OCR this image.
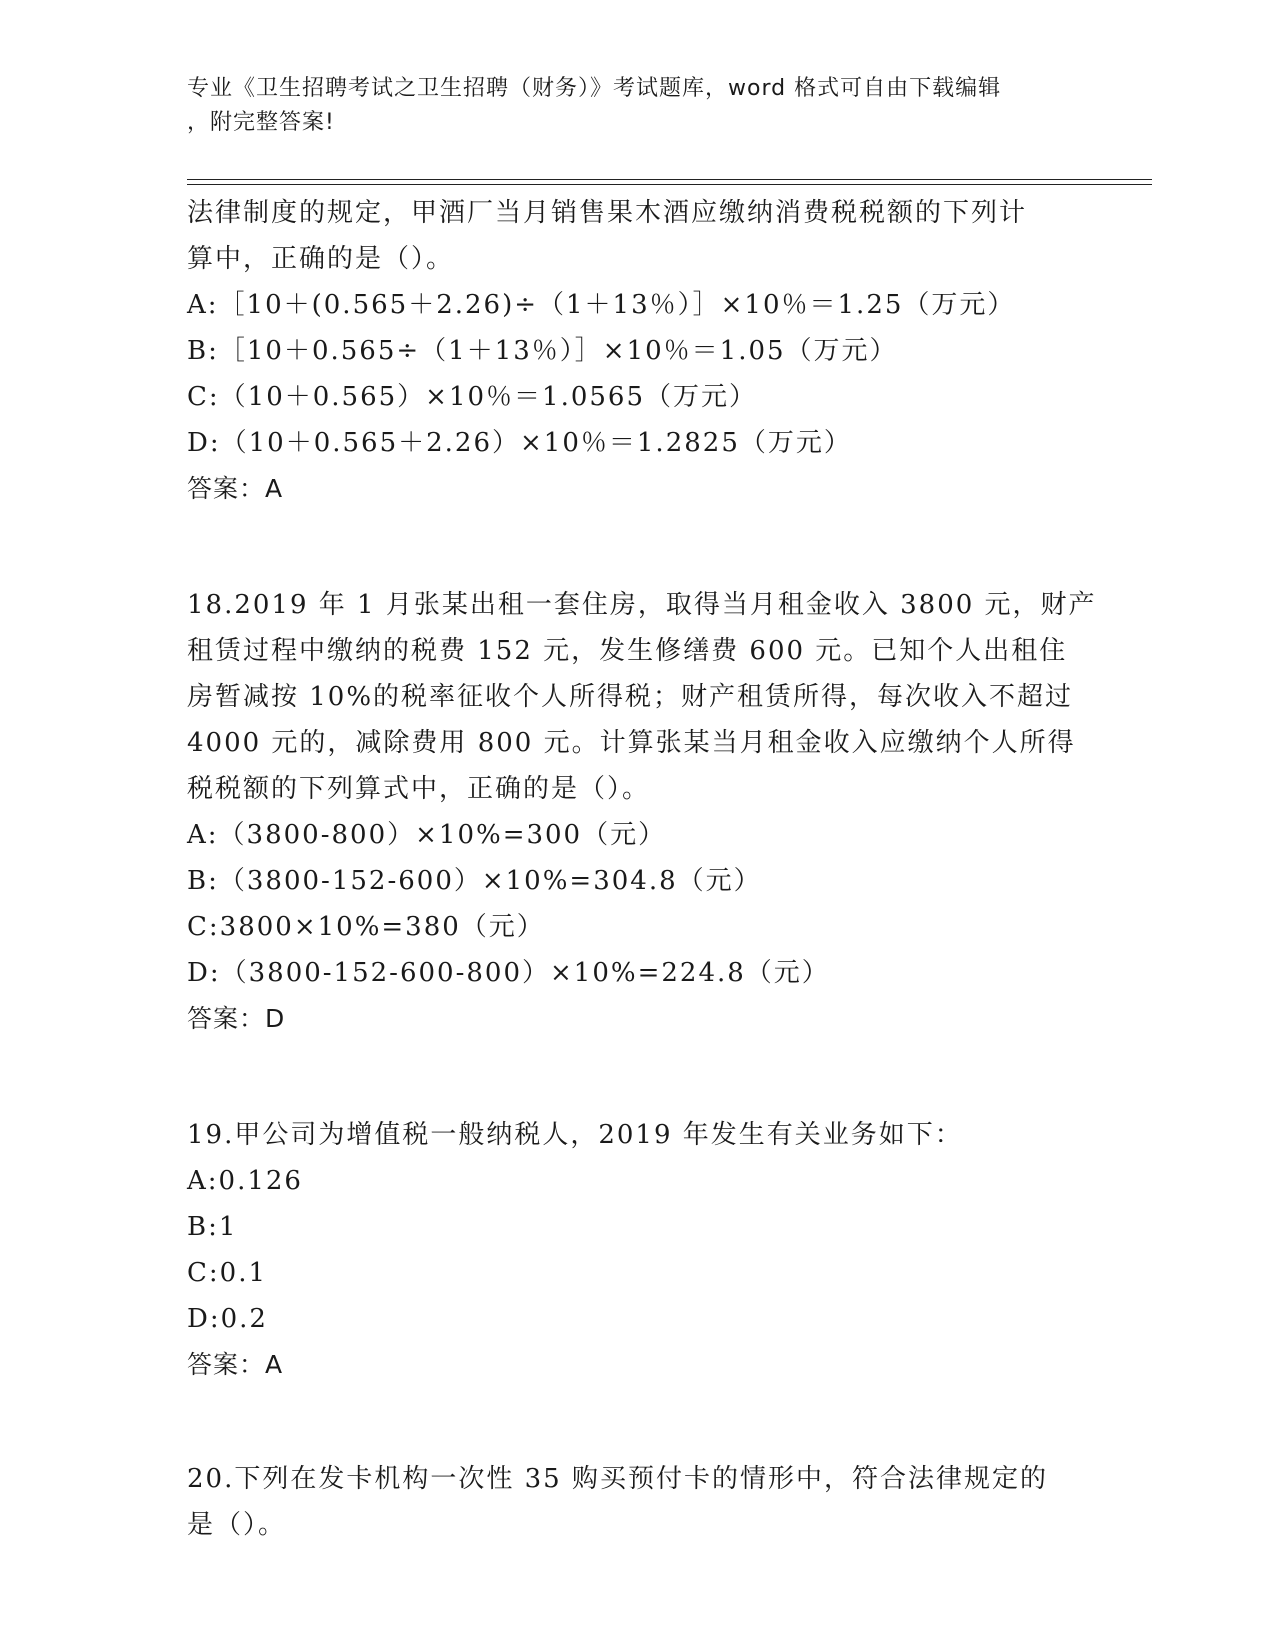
专业《卫生招聘考试之卫生招聘（财务）》考试题库，word 格式可自由下载编辑
，附完整答案!
法律制度的规定，甲酒厂当月销售果木酒应缴纳消费税税额的下列计
算中，正确的是（）。
A:［10＋(0.565＋2.26)÷（1＋13％）］×10％＝1.25（万元）
B:［10＋0.565÷（1＋13％）］×10％＝1.05（万元）
C:（10＋0.565）×10％＝1.0565（万元）
D:（10＋0.565＋2.26）×10％＝1.2825（万元）
答案：A
18.2019 年 1 月张某出租一套住房，取得当月租金收入 3800 元，财产
租赁过程中缴纳的税费 152 元，发生修缮费 600 元。已知个人出租住
房暂减按 10%的税率征收个人所得税；财产租赁所得，每次收入不超过
4000 元的，减除费用 800 元。计算张某当月租金收入应缴纳个人所得
税税额的下列算式中，正确的是（）。
A:（3800-800）×10%=300（元）
B:（3800-152-600）×10%=304.8（元）
C:3800×10%=380（元）
D:（3800-152-600-800）×10%=224.8（元）
答案：D
19.甲公司为增值税一般纳税人，2019 年发生有关业务如下：
A:0.126
B:1
C:0.1
D:0.2
答案：A
20.下列在发卡机构一次性 35 购买预付卡的情形中，符合法律规定的
是（）。
